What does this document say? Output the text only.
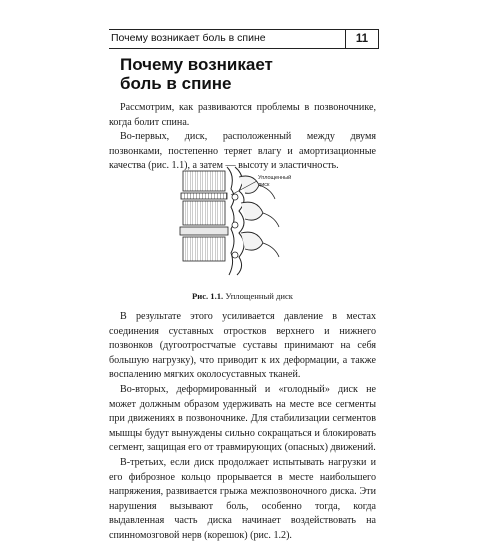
Почему возникает боль в спине	11
Почему возникает
боль в спине

Рассмотрим, как развиваются проблемы в позвоночнике, когда болит спина.

Во-первых, диск, расположенный между двумя позвонками, постепенно теряет влагу и амортизационные качества (рис. 1.1), а затем — высоту и эластичность.

Уплощенный диск
Рис. 1.1. Уплощенный диск

В результате этого усиливается давление в местах соединения суставных отростков верхнего и нижнего позвонков (дугоотростчатые суставы принимают на себя большую нагрузку), что приводит к их деформации, а также воспалению мягких околосуставных тканей.

Во-вторых, деформированный и «голодный» диск не может должным образом удерживать на месте все сегменты при движениях в позвоночнике. Для стабилизации сегментов мышцы будут вынуждены сильно сокращаться и блокировать сегмент, защищая его от травмирующих (опасных) движений.

В-третьих, если диск продолжает испытывать нагрузки и его фиброзное кольцо прорывается в месте наибольшего напряжения, развивается грыжа межпозвоночного диска. Эти нарушения вызывают боль, особенно тогда, когда выдавленная часть диска начинает воздействовать на спинномозговой нерв (корешок) (рис. 1.2).
